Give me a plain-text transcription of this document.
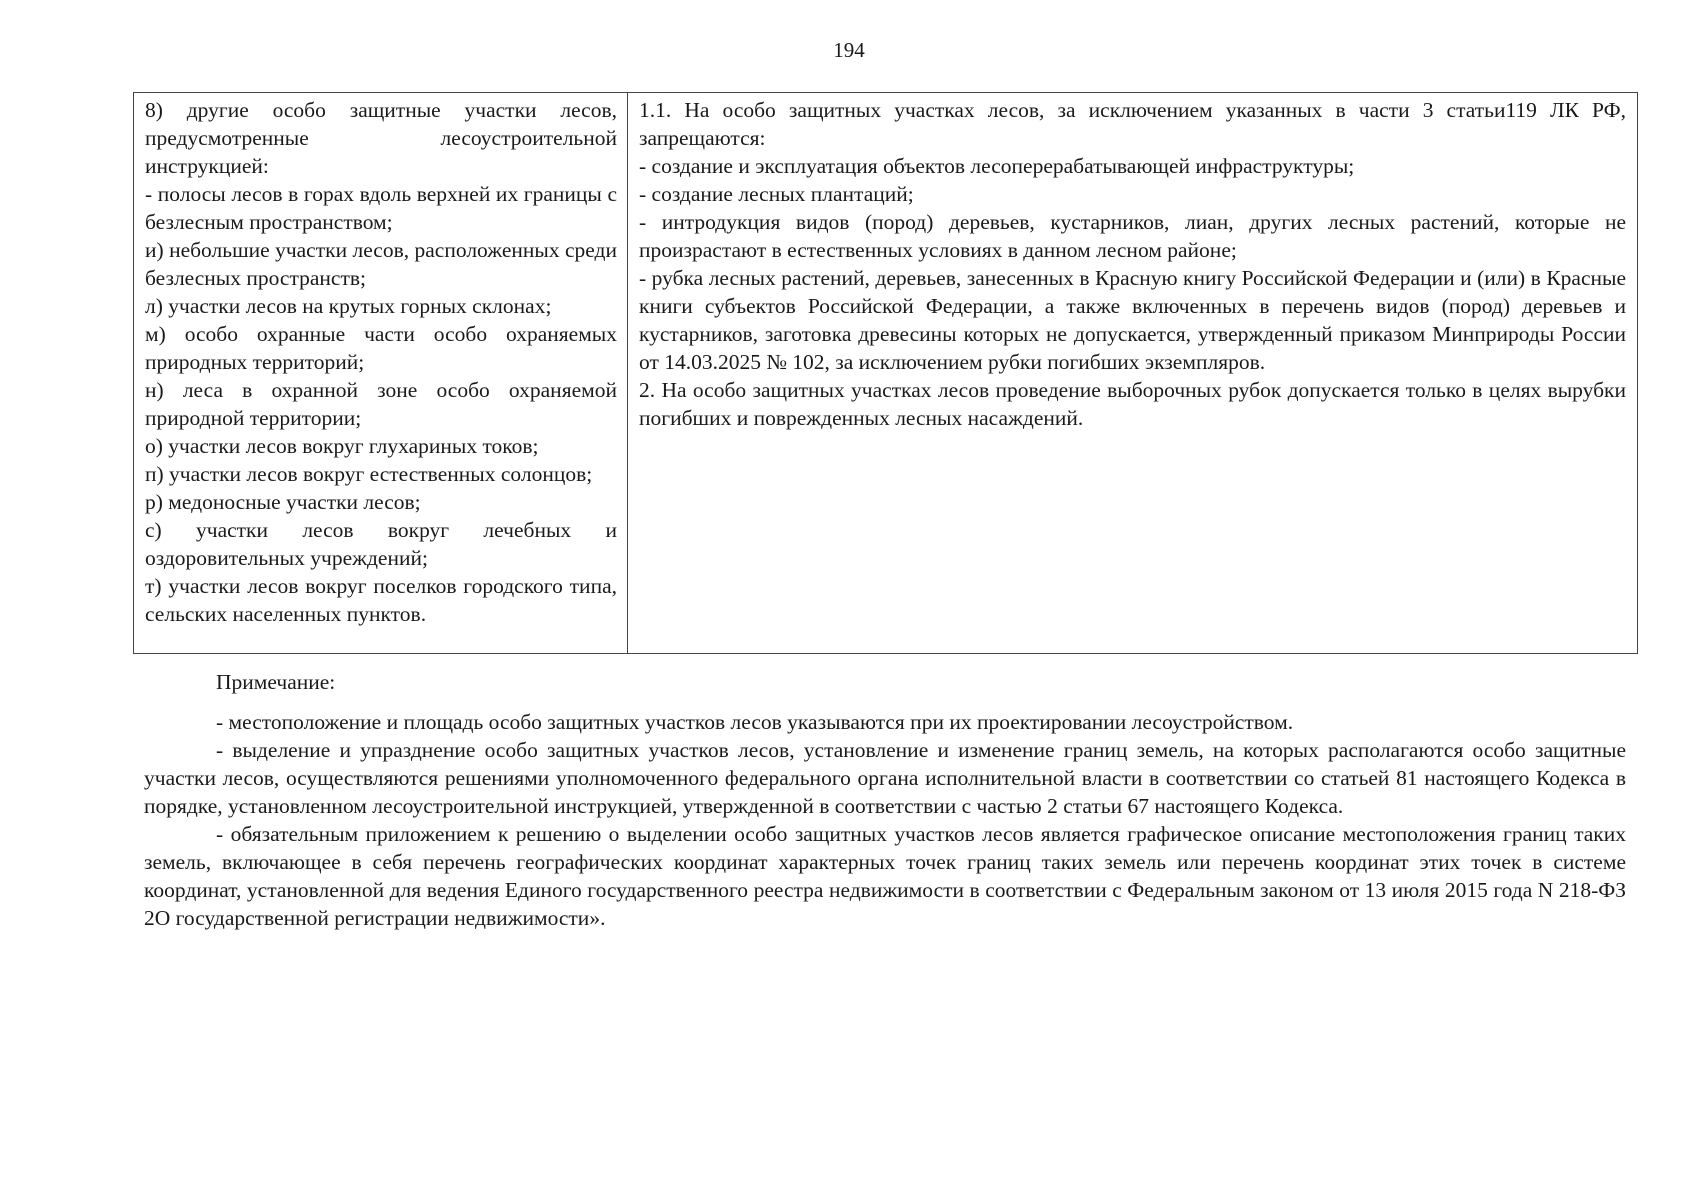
194
8) другие особо защитные участки лесов, предусмотренные лесоустроительной инструкцией:
- полосы лесов в горах вдоль верхней их границы с безлесным пространством;
и) небольшие участки лесов, расположенных среди безлесных пространств;
л) участки лесов на крутых горных склонах;
м) особо охранные части особо охраняемых природных территорий;
н) леса в охранной зоне особо охраняемой природной территории;
о) участки лесов вокруг глухариных токов;
п) участки лесов вокруг естественных солонцов;
р) медоносные участки лесов;
с) участки лесов вокруг лечебных и оздоровительных учреждений;
т) участки лесов вокруг поселков городского типа, сельских населенных пунктов.

1.1. На особо защитных участках лесов, за исключением указанных в части 3 статьи119 ЛК РФ, запрещаются:
- создание и эксплуатация объектов лесоперерабатывающей инфраструктуры;
- создание лесных плантаций;
- интродукция видов (пород) деревьев, кустарников, лиан, других лесных растений, которые не произрастают в естественных условиях в данном лесном районе;
- рубка лесных растений, деревьев, занесенных в Красную книгу Российской Федерации и (или) в Красные книги субъектов Российской Федерации, а также включенных в перечень видов (пород) деревьев и кустарников, заготовка древесины которых не допускается, утвержденный приказом Минприроды России от 14.03.2025 № 102, за исключением рубки погибших экземпляров.
2. На особо защитных участках лесов проведение выборочных рубок допускается только в целях вырубки погибших и поврежденных лесных насаждений.
Примечание:

- местоположение и площадь особо защитных участков лесов указываются при их проектировании лесоустройством.

- выделение и упразднение особо защитных участков лесов, установление и изменение границ земель, на которых располагаются особо защитные участки лесов, осуществляются решениями уполномоченного федерального органа исполнительной власти в соответствии со статьей 81 настоящего Кодекса в порядке, установленном лесоустроительной инструкцией, утвержденной в соответствии с частью 2 статьи 67 настоящего Кодекса.

- обязательным приложением к решению о выделении особо защитных участков лесов является графическое описание местоположения границ таких земель, включающее в себя перечень географических координат характерных точек границ таких земель или перечень координат этих точек в системе координат, установленной для ведения Единого государственного реестра недвижимости в соответствии с Федеральным законом от 13 июля 2015 года N 218-ФЗ 2О государственной регистрации недвижимости».
